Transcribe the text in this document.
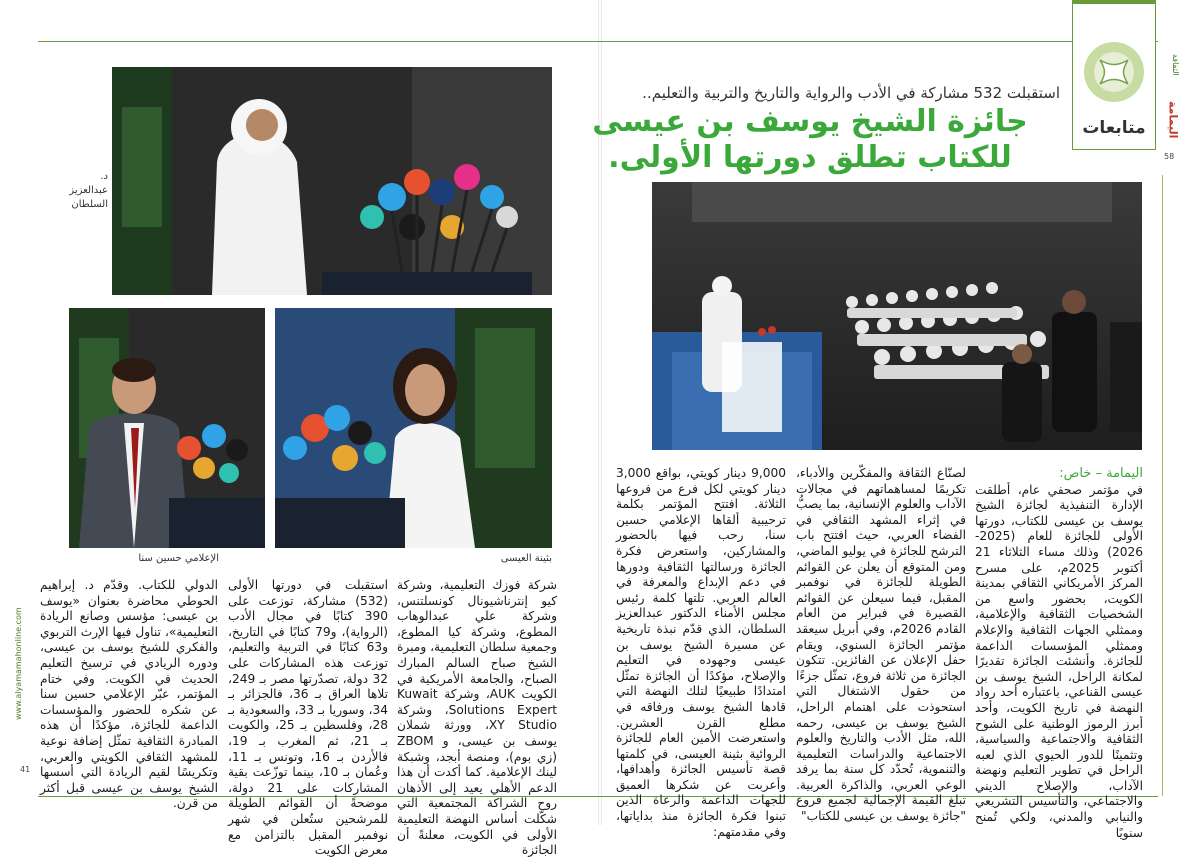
الثقافة
اليمامة
58
41
www.alyamamahonline.com
متابعات
استقبلت 532 مشاركة في الأدب والرواية والتاريخ والتربية والتعليم..
جائزة الشيخ يوسف بن عيسى
للكتاب تطلق دورتها الأولى.
د. عبدالعزيز
السلطان
بثينة العيسى
الإعلامي حسين سنا
اليمامة – خاص:
في مؤتمر صحفي عام، أطلقت الإدارة التنفيذية لجائزة الشيخ يوسف بن عيسى للكتاب، دورتها الأولى للجائزة للعام (2025-2026) وذلك مساء الثلاثاء 21 أكتوبر 2025م، على مسرح المركز الأمريكاني الثقافي بمدينة الكويت، بحضور واسع من الشخصيات الثقافية والإعلامية، وممثلي الجهات الثقافية والإعلام وممثلي المؤسسات الداعمة للجائزة. وأنشئت الجائزة تقديرًا لمكانة الراحل، الشيخ يوسف بن عيسى القناعي، باعتباره أحد رواد النهضة في تاريخ الكويت، وأحد أبرز الرموز الوطنية على الشوح الثقافية والاجتماعية والسياسية، وتثمينًا للدور الحيوي الذي لعبه الراحل في تطوير التعليم ونهضة الآداب، والإصلاح الديني والاجتماعي، والتأسيس التشريعي والنيابي والمدني، ولكي تُمنح سنويًا
لصنّاع الثقافة والمفكّرين والأدباء، تكريمًا لمساهماتهم في مجالات الآداب والعلوم الإنسانية، بما يصبُّ في إثراء المشهد الثقافي في الفضاء العربي، حيث افتتح باب الترشح للجائزة في يوليو الماضي، ومن المتوقع أن يعلن عن القوائم الطويلة للجائزة في نوفمبر المقبل، فيما سيعلن عن القوائم القصيرة في فبراير من العام القادم 2026م، وفي أبريل سيعقد مؤتمر الجائزة السنوي، ويقام حفل الإعلان عن الفائزين. تتكون الجائزة من ثلاثة فروع، تمثّل جزءًا من حقول الاشتغال التي استحوذت على اهتمام الراحل، الشيخ يوسف بن عيسى، رحمه الله، مثل الأدب والتاريخ والعلوم الاجتماعية والدراسات التعليمية والتنموية، تُحدّد كل سنة بما يرفد الوعي العربي، والذاكرة العربية. تبلغ القيمة الإجمالية لجميع فروع "جائزة يوسف بن عيسى للكتاب"
9,000 دينار كويتي، بواقع 3,000 دينار كويتي لكل فرع من فروعها الثلاثة. افتتح المؤتمر بكلمة ترحيبية ألقاها الإعلامي حسين سنا، رحب فيها بالحضور والمشاركين، واستعرض فكرة الجائزة ورسالتها الثقافية ودورها في دعم الإبداع والمعرفة في العالم العربي. تلتها كلمة رئيس مجلس الأمناء الدكتور عبدالعزيز السلطان، الذي قدّم نبذة تاريخية عن مسيرة الشيخ يوسف بن عيسى وجهوده في التعليم والإصلاح، مؤكدًا أن الجائزة تمثّل امتدادًا طبيعيًا لتلك النهضة التي قادها الشيخ يوسف ورفاقه في مطلع القرن العشرين. واستعرضت الأمين العام للجائزة الروائية بثينة العيسى، في كلمتها قصة تأسيس الجائزة وأهدافها، وأعربت عن شكرها العميق للجهات الداعمة والرعاة الذين تبنوا فكرة الجائزة منذ بداياتها، وفي مقدمتهم:
شركة فوزك التعليمية، وشركة كيو إنترناشيونال كونسلتنس، وشركة علي عبدالوهاب المطوع، وشركة كيا المطوع، وجمعية سلطان التعليمية، ومبرة الشيخ صباح السالم المبارك الصباح، والجامعة الأمريكية في الكويت AUK، وشركة Kuwait Solutions Expert، وشركة XY Studio، وورثة شملان يوسف بن عيسى، و ZBOM (زي بوم)، ومنصة أبجد، وشبكة لينك الإعلامية. كما أكدت أن هذا الدعم الأهلي يعيد إلى الأذهان روح الشراكة المجتمعية التي شكّلت أساس النهضة التعليمية الأولى في الكويت، معلنةً أن الجائزة
استقبلت في دورتها الأولى (532) مشاركة، توزعت على 390 كتابًا في مجال الأدب (الرواية)، و79 كتابًا في التاريخ، و63 كتابًا في التربية والتعليم، توزعت هذه المشاركات على 32 دولة، تصدّرتها مصر بـ 249، تلاها العراق بـ 36، فالجزائر بـ 34، وسوريا بـ 33، والسعودية بـ 28، وفلسطين بـ 25، والكويت بـ 21، ثم المغرب بـ 19، فالأردن بـ 16، وتونس بـ 11، وعُمان بـ 10، بينما توزّعت بقية المشاركات على 21 دولة، موضحةً أن القوائم الطويلة للمرشحين ستُعلن في شهر نوفمبر المقبل بالتزامن مع معرض الكويت
الدولي للكتاب. وقدّم د. إبراهيم الحوطي محاضرة بعنوان «يوسف بن عيسى: مؤسس وصانع الريادة التعليمية»، تناول فيها الإرث التربوي والفكري للشيخ يوسف بن عيسى، ودوره الريادي في ترسيخ التعليم الحديث في الكويت. وفي ختام المؤتمر، عبّر الإعلامي حسين سنا عن شكره للحضور والمؤسسات الداعمة للجائزة، مؤكدًا أن هذه المبادرة الثقافية تمثّل إضافة نوعية للمشهد الثقافي الكويتي والعربي، وتكريسًا لقيم الريادة التي أسسها الشيخ يوسف بن عيسى قبل أكثر من قرن.
